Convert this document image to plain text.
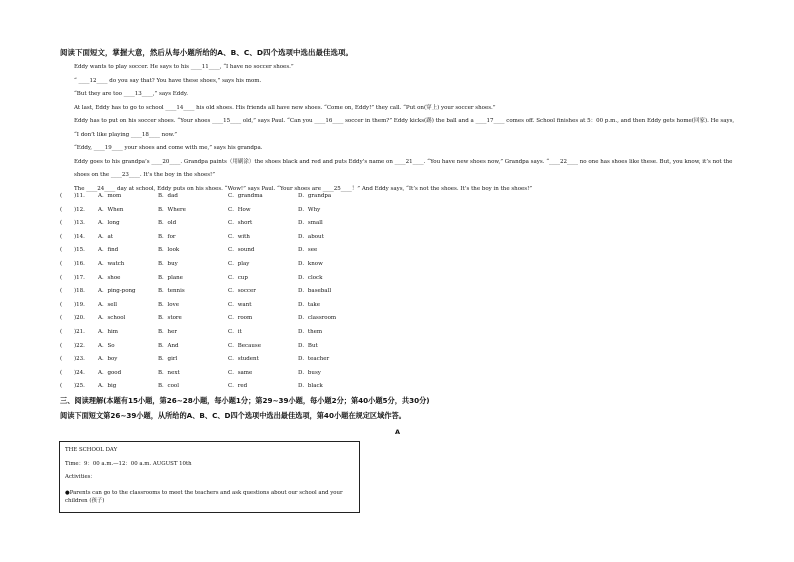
阅读下面短文，掌握大意，然后从每小题所给的A、B、C、D四个选项中选出最佳选项。

Eddy wants to play soccer. He says to his ____11____, “I have no soccer shoes.”

“ ____12____ do you say that? You have these shoes,” says his mom.

“But they are too ____13____,” says Eddy.

At last, Eddy has to go to school ____14____ his old shoes. His friends all have new shoes. “Come on, Eddy!” they call. “Put on(穿上) your soccer shoes.”

Eddy has to put on his soccer shoes. “Your shoes ____15____ old,” says Paul. “Can you ____16____ soccer in them?” Eddy kicks(踢) the ball and a ____17____ comes off. School finishes at 5：00 p.m., and then Eddy gets home(回家). He says, “I don’t like playing ____18____ now.”

“Eddy, ____19____ your shoes and come with me,” says his grandpa.

Eddy goes to his grandpa’s ____20____. Grandpa paints（用刷涂）the shoes black and red and puts Eddy’s name on ____21____. “You have new shoes now,” Grandpa says. “____22____ no one has shoes like these. But, you know, it’s not the shoes on the ____23____. It’s the boy in the shoes!”

The ____24____ day at school, Eddy puts on his shoes. “Wow!” says Paul. “Your shoes are ____25____！” And Eddy says, “It’s not the shoes. It’s the boy in the shoes!”

( )11. A．mom	B．dad	C．grandma	D．grandpa
( )12. A．When	B．Where	C．How	D．Why
( )13. A．long	B．old	C．short	D．small
( )14. A．at	B．for	C．with	D．about
( )15. A．find	B．look	C．sound	D．see
( )16. A．watch	B．buy	C．play	D．know
( )17. A．shoe	B．plane	C．cup	D．clock
( )18. A．ping-pong	B．tennis	C．soccer	D．baseball
( )19. A．sell	B．love	C．want	D．take
( )20. A．school	B．store	C．room	D．classroom
( )21. A．him	B．her	C．it	D．them
( )22. A．So	B．And	C．Because	D．But
( )23. A．boy	B．girl	C．student	D．teacher
( )24. A．good	B．next	C．same	D．busy
( )25. A．big	B．cool	C．red	D．black
三、阅读理解(本题有15小题，第26~28小题，每小题1分；第29~39小题，每小题2分；第40小题5分，共30分)
阅读下面短文第26~39小题，从所给的A、B、C、D四个选项中选出最佳选项，第40小题在规定区域作答。
A

THE SCHOOL DAY

Time：9：00 a.m.—12：00 a.m. AUGUST 10th

Activities：

●Parents can go to the classrooms to meet the teachers and ask questions about our school and your children (孩子)
